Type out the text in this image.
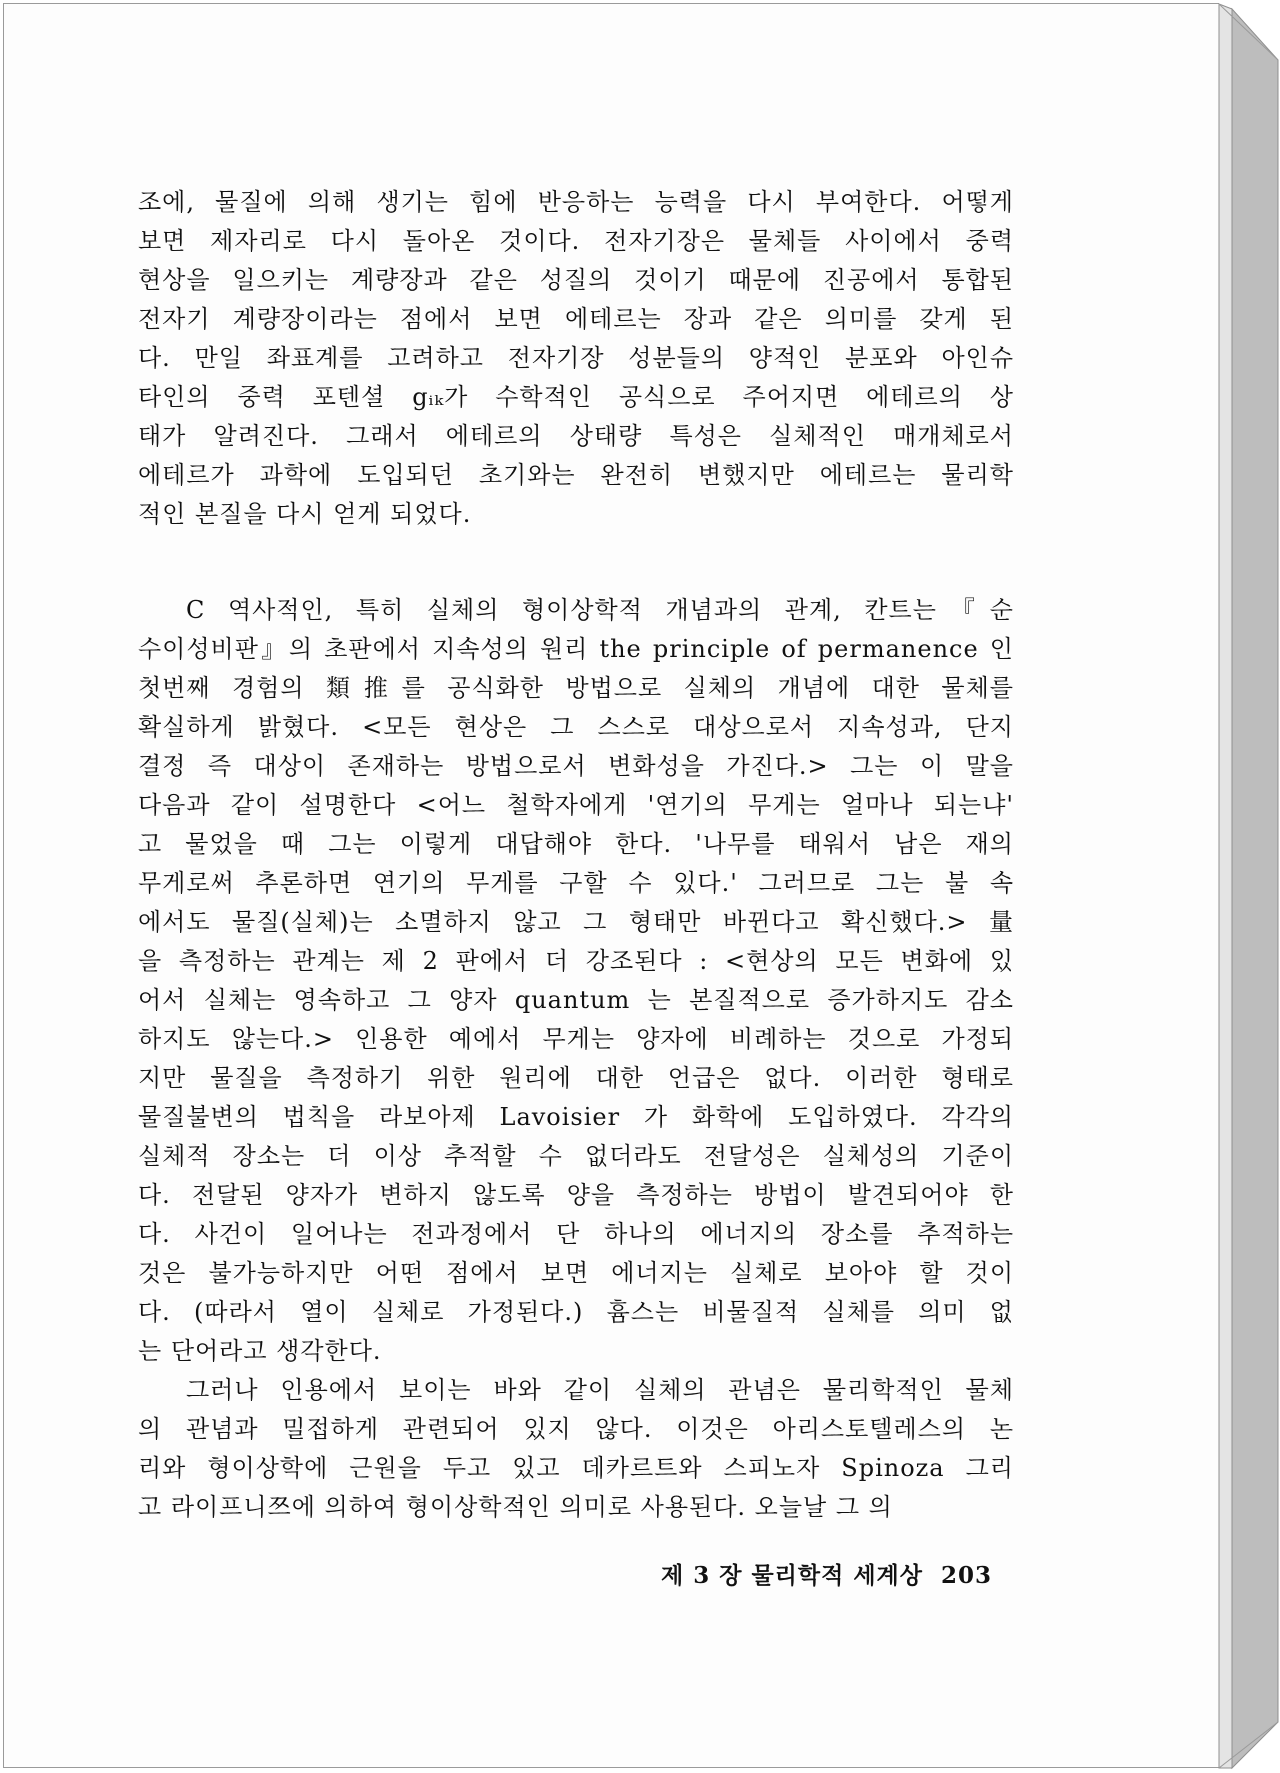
조에, 물질에 의해 생기는 힘에 반응하는 능력을 다시 부여한다. 어떻게
보면 제자리로 다시 돌아온 것이다. 전자기장은 물체들 사이에서 중력
현상을 일으키는 계량장과 같은 성질의 것이기 때문에 진공에서 통합된
전자기 계량장이라는 점에서 보면 에테르는 장과 같은 의미를 갖게 된
다. 만일 좌표계를 고려하고 전자기장 성분들의 양적인 분포와 아인슈
타인의 중력 포텐셜 gᵢₖ가 수학적인 공식으로 주어지면 에테르의 상
태가 알려진다. 그래서 에테르의 상태량 특성은 실체적인 매개체로서
에테르가 과학에 도입되던 초기와는 완전히 변했지만 에테르는 물리학
적인 본질을 다시 얻게 되었다.
C 역사적인, 특히 실체의 형이상학적 개념과의 관계, 칸트는『순
수이성비판』의 초판에서 지속성의 원리 the principle of permanence 인
첫번째 경험의 類推를 공식화한 방법으로 실체의 개념에 대한 물체를
확실하게 밝혔다. <모든 현상은 그 스스로 대상으로서 지속성과, 단지
결정 즉 대상이 존재하는 방법으로서 변화성을 가진다.> 그는 이 말을
다음과 같이 설명한다 <어느 철학자에게 '연기의 무게는 얼마나 되는냐'
고 물었을 때 그는 이렇게 대답해야 한다. '나무를 태워서 남은 재의
무게로써 추론하면 연기의 무게를 구할 수 있다.' 그러므로 그는 불 속
에서도 물질(실체)는 소멸하지 않고 그 형태만 바뀐다고 확신했다.> 量
을 측정하는 관계는 제 2 판에서 더 강조된다 : <현상의 모든 변화에 있
어서 실체는 영속하고 그 양자 quantum 는 본질적으로 증가하지도 감소
하지도 않는다.> 인용한 예에서 무게는 양자에 비례하는 것으로 가정되
지만 물질을 측정하기 위한 원리에 대한 언급은 없다. 이러한 형태로
물질불변의 법칙을 라보아제 Lavoisier 가 화학에 도입하였다. 각각의
실체적 장소는 더 이상 추적할 수 없더라도 전달성은 실체성의 기준이
다. 전달된 양자가 변하지 않도록 양을 측정하는 방법이 발견되어야 한
다. 사건이 일어나는 전과정에서 단 하나의 에너지의 장소를 추적하는
것은 불가능하지만 어떤 점에서 보면 에너지는 실체로 보아야 할 것이
다. (따라서 열이 실체로 가정된다.) 흄스는 비물질적 실체를 의미 없
는 단어라고 생각한다.
그러나 인용에서 보이는 바와 같이 실체의 관념은 물리학적인 물체
의 관념과 밀접하게 관련되어 있지 않다. 이것은 아리스토텔레스의 논
리와 형이상학에 근원을 두고 있고 데카르트와 스피노자 Spinoza 그리
고 라이프니쯔에 의하여 형이상학적인 의미로 사용된다. 오늘날 그 의
제 3 장 물리학적 세계상 203
